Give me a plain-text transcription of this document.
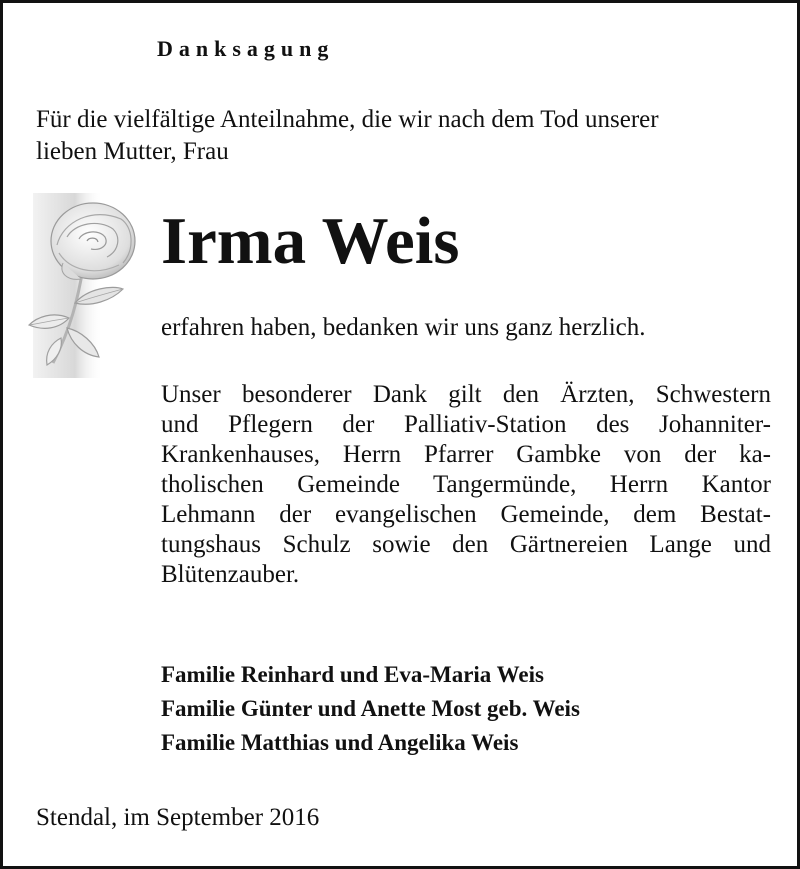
Danksagung
Für die vielfältige Anteilnahme, die wir nach dem Tod unserer
lieben Mutter, Frau
Irma Weis
erfahren haben, bedanken wir uns ganz herzlich.
Unser besonderer Dank gilt den Ärzten, Schwestern
und Pflegern der Palliativ-Station des Johanniter-
Krankenhauses, Herrn Pfarrer Gambke von der ka-
tholischen Gemeinde Tangermünde, Herrn Kantor
Lehmann der evangelischen Gemeinde, dem Bestat-
tungshaus Schulz sowie den Gärtnereien Lange und
Blütenzauber.
Familie Reinhard und Eva-Maria Weis
Familie Günter und Anette Most geb. Weis
Familie Matthias und Angelika Weis
Stendal, im September 2016
